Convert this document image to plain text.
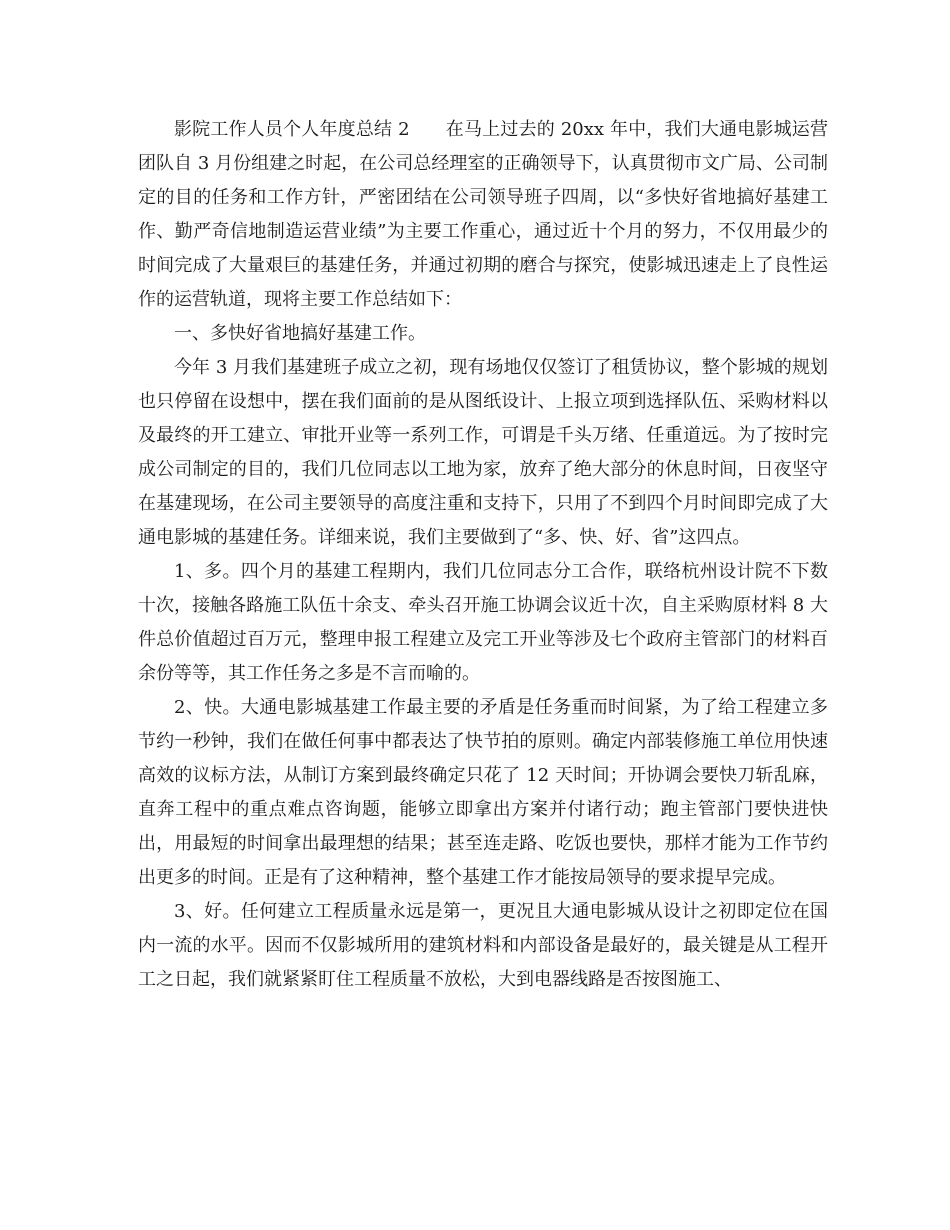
影院工作人员个人年度总结 2 在马上过去的 20xx 年中，我们大通电影城运营团队自 3 月份组建之时起，在公司总经理室的正确领导下，认真贯彻市文广局、公司制定的目的任务和工作方针，严密团结在公司领导班子四周，以“多快好省地搞好基建工作、勤严奇信地制造运营业绩”为主要工作重心，通过近十个月的努力，不仅用最少的时间完成了大量艰巨的基建任务，并通过初期的磨合与探究，使影城迅速走上了良性运作的运营轨道，现将主要工作总结如下：

一、多快好省地搞好基建工作。

今年 3 月我们基建班子成立之初，现有场地仅仅签订了租赁协议，整个影城的规划也只停留在设想中，摆在我们面前的是从图纸设计、上报立项到选择队伍、采购材料以及最终的开工建立、审批开业等一系列工作，可谓是千头万绪、任重道远。为了按时完成公司制定的目的，我们几位同志以工地为家，放弃了绝大部分的休息时间，日夜坚守在基建现场，在公司主要领导的高度注重和支持下，只用了不到四个月时间即完成了大通电影城的基建任务。详细来说，我们主要做到了“多、快、好、省”这四点。

1、多。四个月的基建工程期内，我们几位同志分工合作，联络杭州设计院不下数十次，接触各路施工队伍十余支、牵头召开施工协调会议近十次，自主采购原材料 8 大件总价值超过百万元，整理申报工程建立及完工开业等涉及七个政府主管部门的材料百余份等等，其工作任务之多是不言而喻的。

2、快。大通电影城基建工作最主要的矛盾是任务重而时间紧，为了给工程建立多节约一秒钟，我们在做任何事中都表达了快节拍的原则。确定内部装修施工单位用快速高效的议标方法，从制订方案到最终确定只花了 12 天时间；开协调会要快刀斩乱麻，直奔工程中的重点难点咨询题，能够立即拿出方案并付诸行动；跑主管部门要快进快出，用最短的时间拿出最理想的结果；甚至连走路、吃饭也要快，那样才能为工作节约出更多的时间。正是有了这种精神，整个基建工作才能按局领导的要求提早完成。

3、好。任何建立工程质量永远是第一，更况且大通电影城从设计之初即定位在国内一流的水平。因而不仅影城所用的建筑材料和内部设备是最好的，最关键是从工程开工之日起，我们就紧紧盯住工程质量不放松，大到电器线路是否按图施工、
